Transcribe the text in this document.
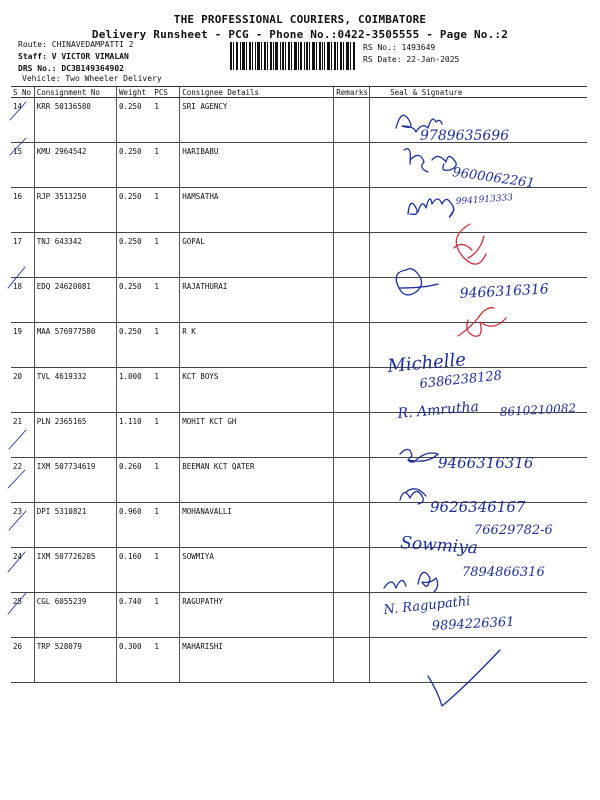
THE PROFESSIONAL COURIERS, COIMBATORE
Delivery Runsheet - PCG - Phone No.:0422-3505555 - Page No.:2
Route: CHINAVEDAMPATTI 2
Staff: V VICTOR VIMALAN
DRS No.: DC3B149364902
Vehicle: Two Wheeler Delivery
RS No.: 1493649
RS Date: 22-Jan-2025
S No	Consignment No	Weight	PCS	Consignee Details	Remarks	Seal & Signature
14	KRR 50136580	0.250	1	SRI AGENCY		
15	KMU 2964542	0.250	1	HARIBABU		
16	RJP 3513250	0.250	1	HAMSATHA		
17	TNJ 643342	0.250	1	GOPAL		
18	EDQ 24620081	0.250	1	RAJATHURAI		
19	MAA 576977580	0.250	1	R K		
20	TVL 4619332	1.000	1	KCT BOYS		
21	PLN 2365165	1.110	1	MOHIT KCT GH		
22	IXM 507734619	0.260	1	BEEMAN KCT QATER		
23	DPI 5310821	0.960	1	MOHANAVALLI		
24	IXM 507726205	0.160	1	SOWMIYA		
25	CGL 6055239	0.740	1	RAGUPATHY		
26	TRP 528079	0.300	1	MAHARISHI		
9789635696
9600062261
9941913333
9466316316
Michelle
6386238128
R. Amrutha 8610210082
9466316316
9626346167
Sowmiya
76629782-6
7894866316
N. Ragupathi
9894226361
